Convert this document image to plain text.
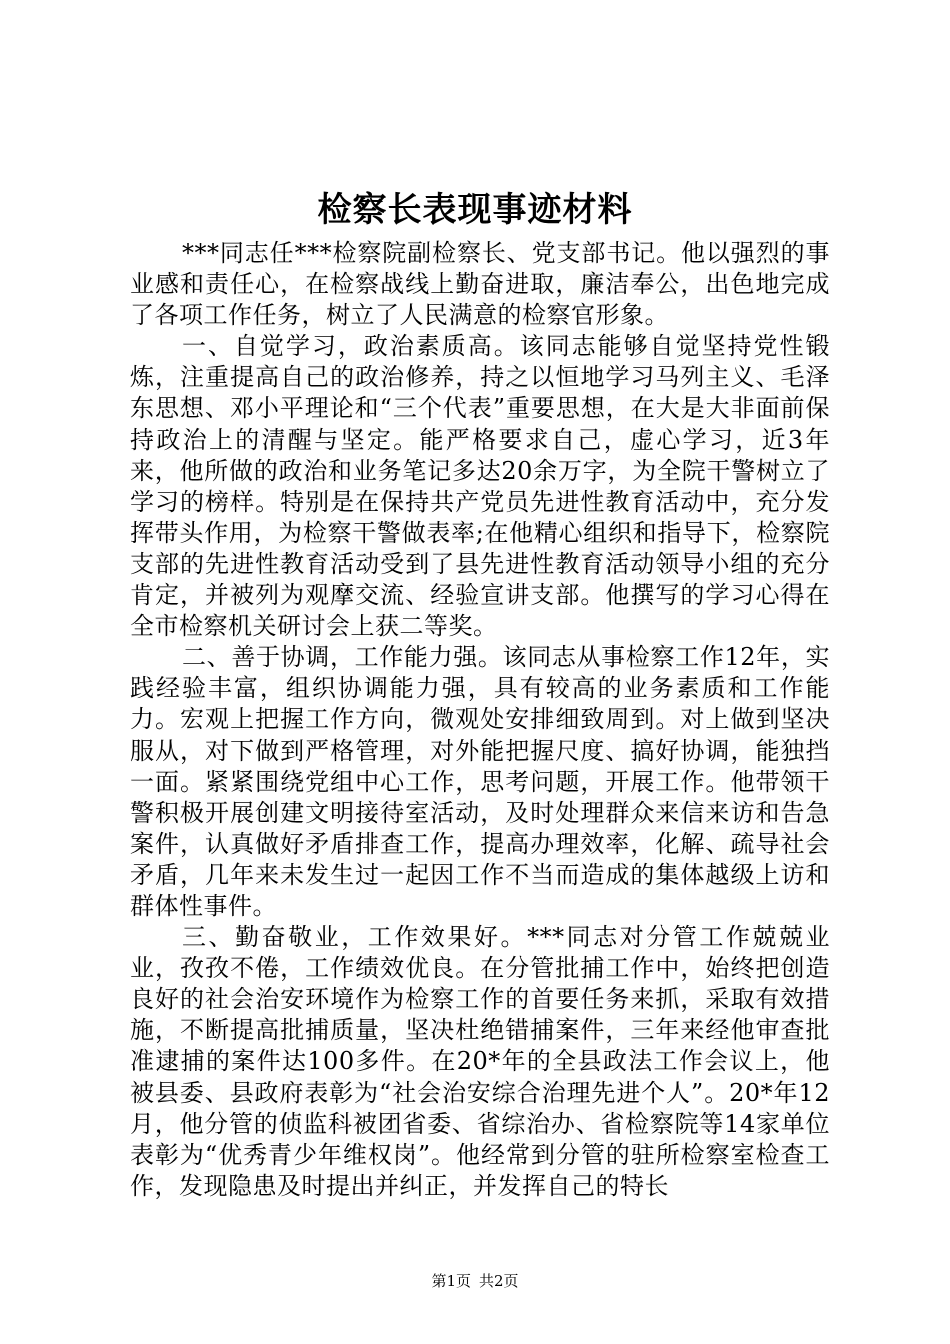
检察长表现事迹材料

***同志任***检察院副检察长、党支部书记。他以强烈的事业感和责任心，在检察战线上勤奋进取，廉洁奉公，出色地完成了各项工作任务，树立了人民满意的检察官形象。

一、自觉学习，政治素质高。该同志能够自觉坚持党性锻炼，注重提高自己的政治修养，持之以恒地学习马列主义、毛泽东思想、邓小平理论和“三个代表”重要思想，在大是大非面前保持政治上的清醒与坚定。能严格要求自己，虚心学习，近3年来，他所做的政治和业务笔记多达20余万字，为全院干警树立了学习的榜样。特别是在保持共产党员先进性教育活动中，充分发挥带头作用，为检察干警做表率;在他精心组织和指导下，检察院支部的先进性教育活动受到了县先进性教育活动领导小组的充分肯定，并被列为观摩交流、经验宣讲支部。他撰写的学习心得在全市检察机关研讨会上获二等奖。

二、善于协调，工作能力强。该同志从事检察工作12年，实践经验丰富，组织协调能力强，具有较高的业务素质和工作能力。宏观上把握工作方向，微观处安排细致周到。对上做到坚决服从，对下做到严格管理，对外能把握尺度、搞好协调，能独挡一面。紧紧围绕党组中心工作，思考问题，开展工作。他带领干警积极开展创建文明接待室活动，及时处理群众来信来访和告急案件，认真做好矛盾排查工作，提高办理效率，化解、疏导社会矛盾，几年来未发生过一起因工作不当而造成的集体越级上访和群体性事件。

三、勤奋敬业，工作效果好。***同志对分管工作兢兢业业，孜孜不倦，工作绩效优良。在分管批捕工作中，始终把创造良好的社会治安环境作为检察工作的首要任务来抓，采取有效措施，不断提高批捕质量，坚决杜绝错捕案件，三年来经他审查批准逮捕的案件达100多件。在20*年的全县政法工作会议上，他被县委、县政府表彰为“社会治安综合治理先进个人”。20*年12月，他分管的侦监科被团省委、省综治办、省检察院等14家单位表彰为“优秀青少年维权岗”。他经常到分管的驻所检察室检查工作，发现隐患及时提出并纠正，并发挥自己的特长

第1页 共2页
